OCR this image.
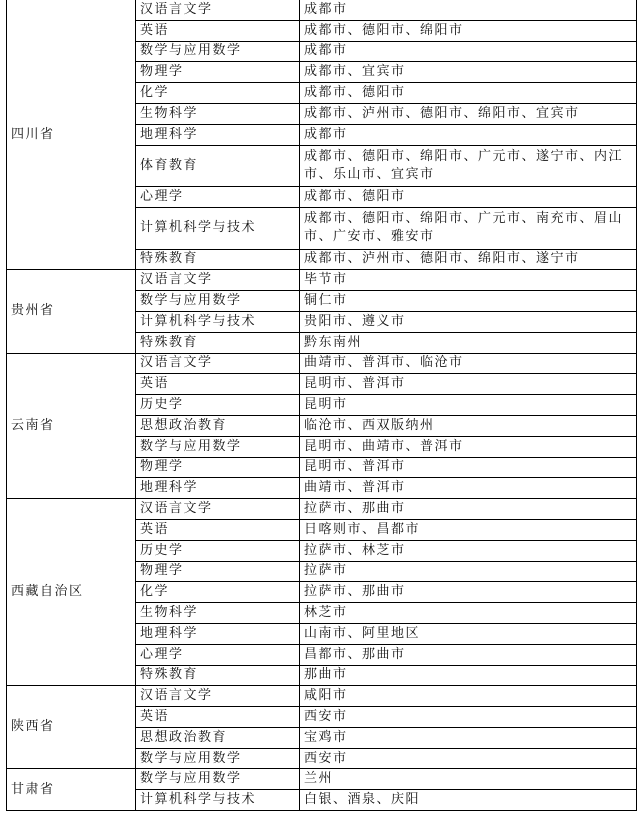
四川省	汉语言文学	成都市
	英语	成都市、德阳市、绵阳市
	数学与应用数学	成都市
	物理学	成都市、宜宾市
	化学	成都市、德阳市
	生物科学	成都市、泸州市、德阳市、绵阳市、宜宾市
	地理科学	成都市
	体育教育	成都市、德阳市、绵阳市、广元市、遂宁市、内江市、乐山市、宜宾市
	心理学	成都市、德阳市
	计算机科学与技术	成都市、德阳市、绵阳市、广元市、南充市、眉山市、广安市、雅安市
	特殊教育	成都市、泸州市、德阳市、绵阳市、遂宁市
贵州省	汉语言文学	毕节市
	数学与应用数学	铜仁市
	计算机科学与技术	贵阳市、遵义市
	特殊教育	黔东南州
云南省	汉语言文学	曲靖市、普洱市、临沧市
	英语	昆明市、普洱市
	历史学	昆明市
	思想政治教育	临沧市、西双版纳州
	数学与应用数学	昆明市、曲靖市、普洱市
	物理学	昆明市、普洱市
	地理科学	曲靖市、普洱市
西藏自治区	汉语言文学	拉萨市、那曲市
	英语	日喀则市、昌都市
	历史学	拉萨市、林芝市
	物理学	拉萨市
	化学	拉萨市、那曲市
	生物科学	林芝市
	地理科学	山南市、阿里地区
	心理学	昌都市、那曲市
	特殊教育	那曲市
陕西省	汉语言文学	咸阳市
	英语	西安市
	思想政治教育	宝鸡市
	数学与应用数学	西安市
甘肃省	数学与应用数学	兰州
	计算机科学与技术	白银、酒泉、庆阳
